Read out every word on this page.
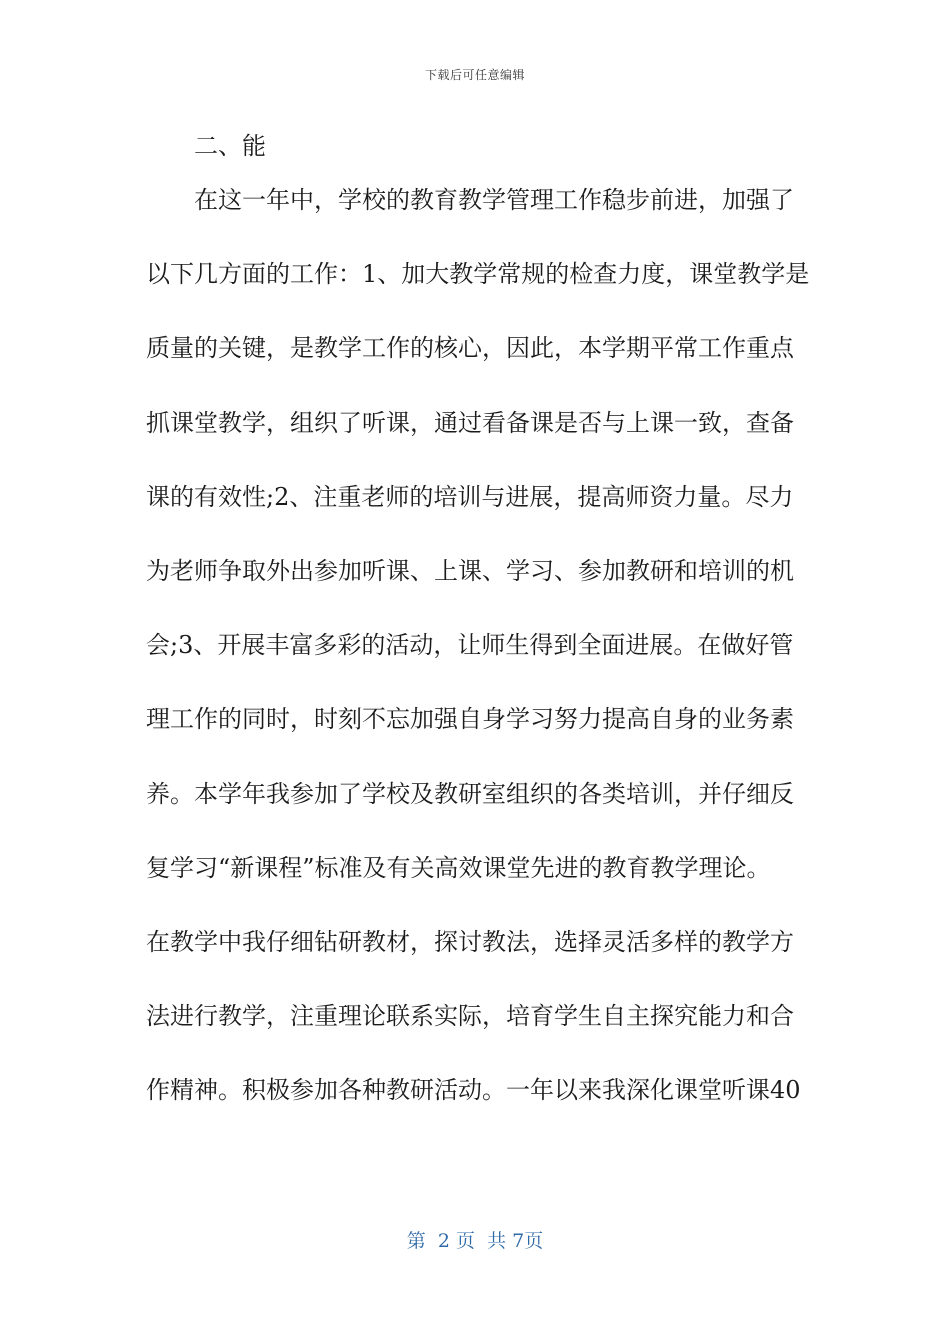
下载后可任意编辑
二、能
　　在这一年中，学校的教育教学管理工作稳步前进，加强了
以下几方面的工作：1、加大教学常规的检查力度，课堂教学是
质量的关键，是教学工作的核心，因此，本学期平常工作重点
抓课堂教学，组织了听课，通过看备课是否与上课一致，查备
课的有效性;2、注重老师的培训与进展，提高师资力量。尽力
为老师争取外出参加听课、上课、学习、参加教研和培训的机
会;3、开展丰富多彩的活动，让师生得到全面进展。在做好管
理工作的同时，时刻不忘加强自身学习努力提高自身的业务素
养。本学年我参加了学校及教研室组织的各类培训，并仔细反
复学习“新课程”标准及有关高效课堂先进的教育教学理论。
在教学中我仔细钻研教材，探讨教法，选择灵活多样的教学方
法进行教学，注重理论联系实际，培育学生自主探究能力和合
作精神。积极参加各种教研活动。一年以来我深化课堂听课40
第  2 页  共 7页
